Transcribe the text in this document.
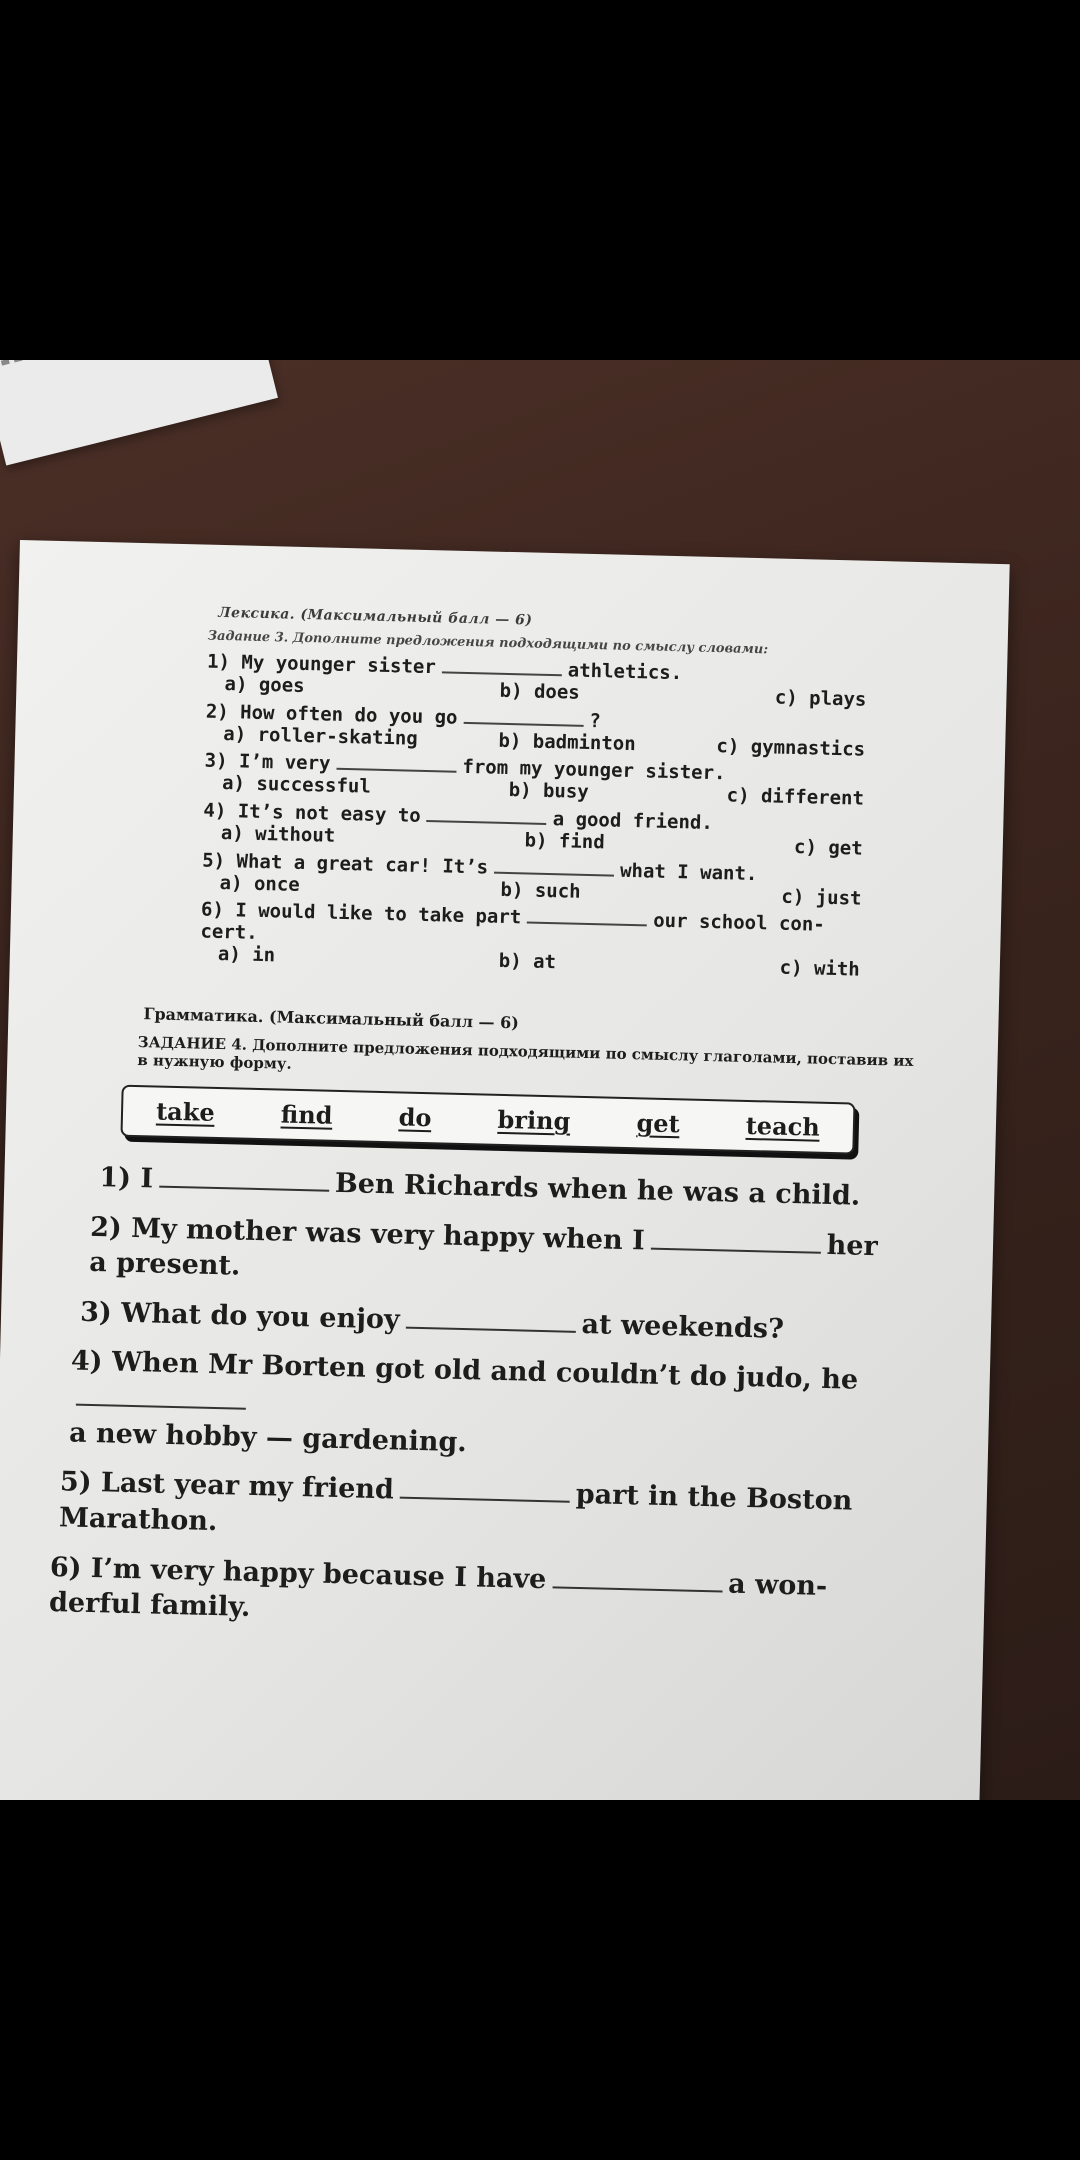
Лексика. (Максимальный балл — 6)
Задание 3. Дополните предложения подходящими по смыслу словами:
1) My younger sister	athletics.
a) goes	b) does	c) plays
2) How often do you go	?
a) roller-skating	b) badminton	c) gymnastics
3) I’m very	from my younger sister.
a) successful	b) busy	c) different
4) It’s not easy to	a good friend.
a) without	b) find	c) get
5) What a great car! It’s	what I want.
a) once	b) such	c) just
6) I would like to take part	our school con-
cert.
a) in	b) at	c) with
Грамматика. (Максимальный балл — 6)
ЗАДАНИЕ 4. Дополните предложения подходящими по смыслу глаголами, поставив их в нужную форму.
take	find	do	bring	get	teach
1) I	Ben Richards when he was a child.
2) My mother was very happy when I	her
a present.
3) What do you enjoy	at weekends?
4) When Mr Borten got old and couldn’t do judo, he

a new hobby — gardening.
5) Last year my friend	part in the Boston
Marathon.
6) I’m very happy because I have	a won-
derful family.
